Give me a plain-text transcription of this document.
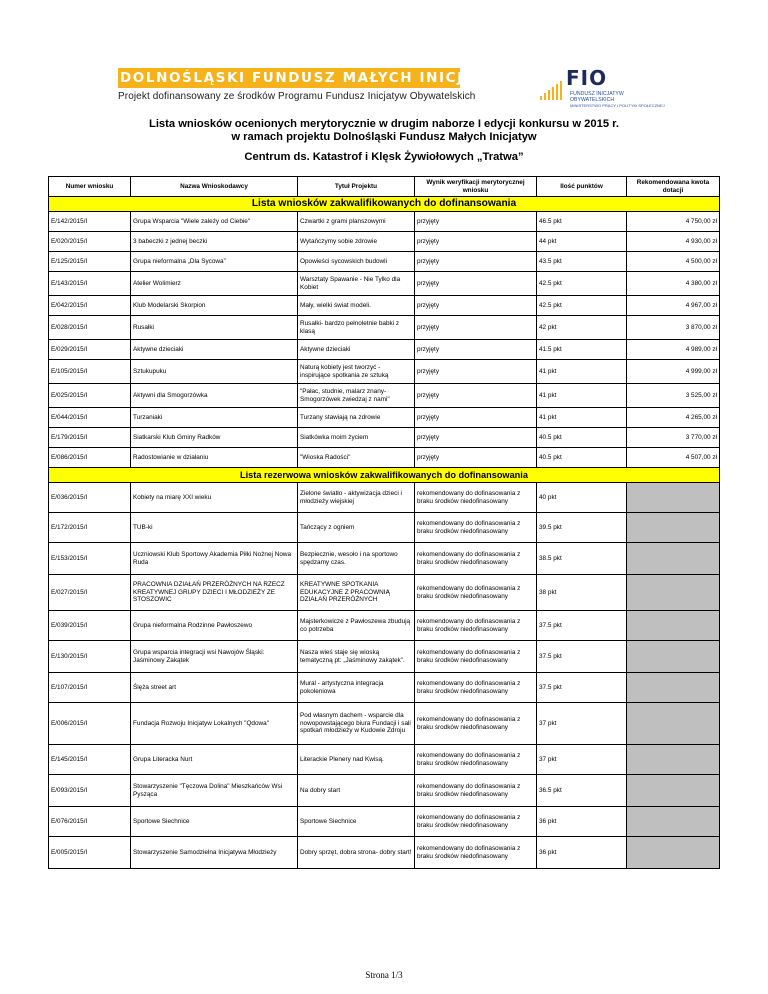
DOLNOŚLĄSKI FUNDUSZ MAŁYCH INICJATYW
Projekt dofinansowany ze środków Programu Fundusz Inicjatyw Obywatelskich
FIO
FUNDUSZ INICJATYW
OBYWATELSKICH
MINISTERSTWO PRACY I POLITYKI SPOŁECZNEJ
Lista wniosków ocenionych merytorycznie w drugim naborze I edycji konkursu w 2015 r.
w ramach projektu Dolnośląski Fundusz Małych Inicjatyw
Centrum ds. Katastrof i Klęsk Żywiołowych „Tratwa”
Numer wniosku	Nazwa Wnioskodawcy	Tytuł Projektu	Wynik weryfikacji merytorycznej wniosku	Ilość punktów	Rekomendowana kwota dotacji
Lista wniosków zakwalifikowanych do dofinansowania					
E/142/2015/I	Grupa Wsparcia "Wiele zależy od Ciebie"	Czwartki z grami planszowymi	przyjęty	46.5 pkt	4 750,00 zł
E/020/2015/I	3 babeczki z jednej beczki	Wytańczymy sobie zdrowie	przyjęty	44 pkt	4 930,00 zł
E/125/2015/I	Grupa nieformalna „Dla Sycowa”	Opowieści sycowskich budowli	przyjęty	43.5 pkt	4 500,00 zł
E/143/2015/I	Atelier Wolimierz	Warsztaty Spawanie - Nie Tylko dla Kobiet	przyjęty	42.5 pkt	4 380,00 zł
E/042/2015/I	Klub Modelarski Skorpion	Mały, wielki świat modeli.	przyjęty	42.5 pkt	4 967,00 zł
E/028/2015/I	Rusałki	Rusałki- bardzo pełnoletnie babki z klasą	przyjęty	42 pkt	3 870,00 zł
E/029/2015/I	Aktywne dzieciaki	Aktywne dzieciaki	przyjęty	41.5 pkt	4 989,00 zł
E/105/2015/I	Sztukupuku	Naturą kobiety jest tworzyć - inspirujące spotkania ze sztuką	przyjęty	41 pkt	4 999,00 zł
E/025/2015/I	Aktywni dla Smogorzówka	"Pałac, studnie, malarz znany- Smogorzówek zwiedzaj z nami"	przyjęty	41 pkt	3 525,00 zł
E/044/2015/I	Turzaniaki	Turzany stawiają na zdrowie	przyjęty	41 pkt	4 265,00 zł
E/179/2015/I	Siatkarski Klub Gminy Radków	Siatkówka moim życiem	przyjęty	40.5 pkt	3 770,00 zł
E/086/2015/I	Radostowianie w działaniu	"Wioska Radości"	przyjęty	40.5 pkt	4 507,00 zł
Lista rezerwowa wniosków zakwalifikowanych do dofinansowania					
E/036/2015/I	Kobiety na miarę XXI wieku	Zielone światło - aktywizacja dzieci i młodzieży wiejskiej	rekomendowany do dofinasowania z braku środków niedofinasowany	40 pkt	
E/172/2015/I	TUB-ki	Tańczący z ogniem	rekomendowany do dofinasowania z braku środków niedofinasowany	39.5 pkt	
E/153/2015/I	Uczniowski Klub Sportowy Akademia Piłki Nożnej Nowa Ruda	Bezpiecznie, wesoło i na sportowo spędzamy czas.	rekomendowany do dofinasowania z braku środków niedofinasowany	38.5 pkt	
E/027/2015/I	PRACOWNIA DZIAŁAŃ PRZERÓŻNYCH NA RZECZ KREATYWNEJ GRUPY DZIECI I MŁODZIEŻY ZE STOSZOWIC	KREATYWNE SPOTKANIA EDUKACYJNE Z PRACOWNIĄ DZIAŁAŃ PRZERÓŻNYCH	rekomendowany do dofinasowania z braku środków niedofinasowany	38 pkt	
E/039/2015/I	Grupa nieformalna Rodzinne Pawłoszewo	Majsterkowicze z Pawłoszewa zbudują co potrzeba	rekomendowany do dofinasowania z braku środków niedofinasowany	37.5 pkt	
E/130/2015/I	Grupa wsparcia integracji wsi Nawojów Śląski: Jaśminowy Zakątek	Nasza wieś staje się wioską tematyczną pt: „Jaśminowy zakątek”.	rekomendowany do dofinasowania z braku środków niedofinasowany	37.5 pkt	
E/107/2015/I	Ślęża street art	Mural - artystyczna integracja pokoleniowa	rekomendowany do dofinasowania z braku środków niedofinasowany	37.5 pkt	
E/006/2015/I	Fundacja Rozwoju Inicjatyw Lokalnych "Qdowa"	Pod własnym dachem - wsparcie dla nowopowstającego biura Fundacji i sali spotkań młodzieży w Kudowie Zdroju	rekomendowany do dofinasowania z braku środków niedofinasowany	37 pkt	
E/145/2015/I	Grupa Literacka Nurt	Literackie Plenery nad Kwisą.	rekomendowany do dofinasowania z braku środków niedofinasowany	37 pkt	
E/093/2015/I	Stowarzyszenie "Tęczowa Dolina" Mieszkańców Wsi Pysząca	Na dobry start	rekomendowany do dofinasowania z braku środków niedofinasowany	36.5 pkt	
E/076/2015/I	Sportowe Siechnice	Sportowe Siechnice	rekomendowany do dofinasowania z braku środków niedofinasowany	36 pkt	
E/005/2015/I	Stowarzyszenie Samodzielna Inicjatywa Młodzieży	Dobry sprzęt, dobra strona- dobry start!	rekomendowany do dofinasowania z braku środków niedofinasowany	36 pkt	
Strona 1/3
